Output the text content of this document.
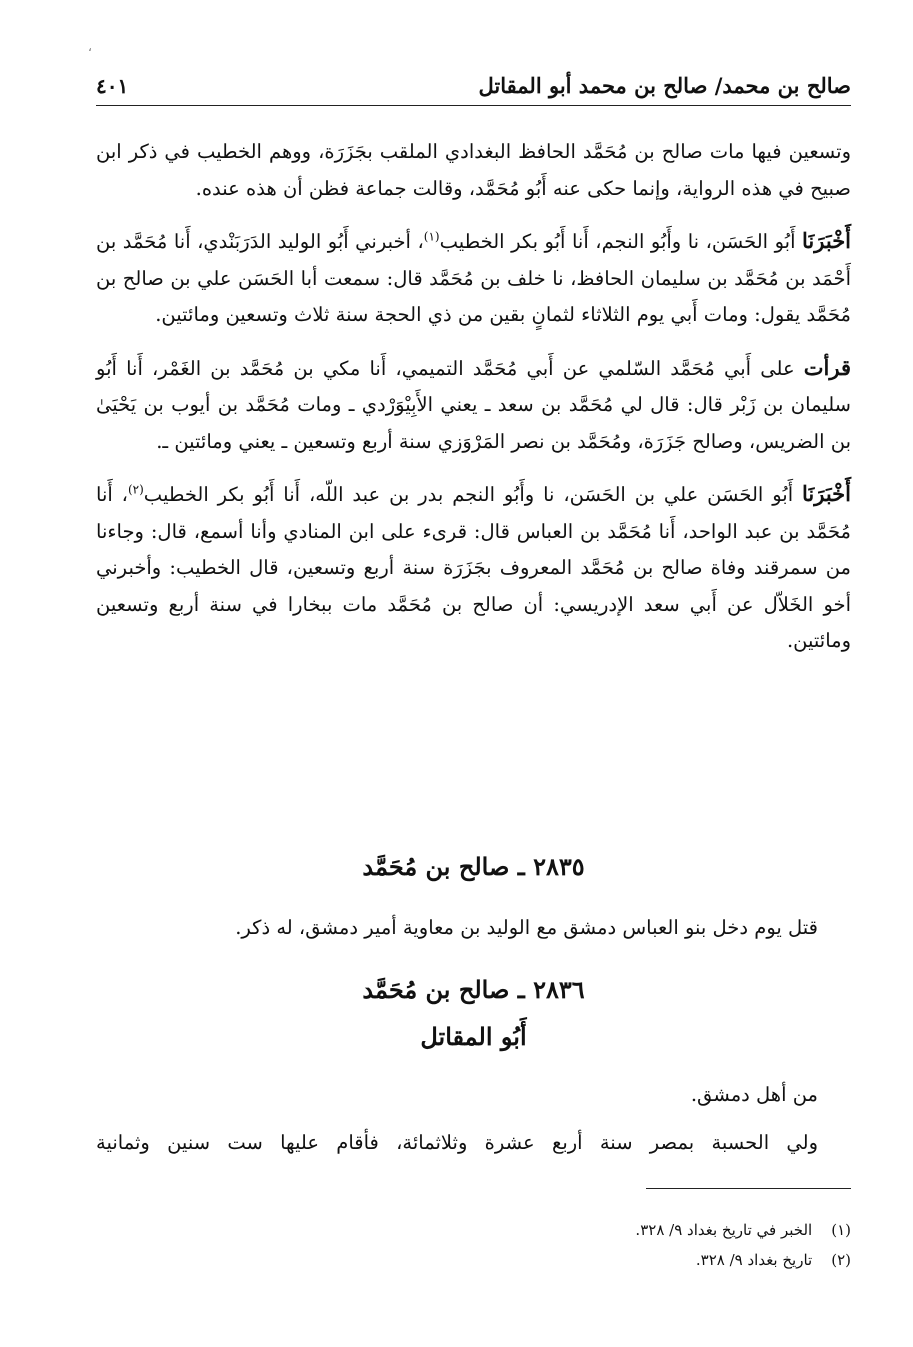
،
صالح بن محمد/ صالح بن محمد أبو المقاتل
٤٠١

وتسعين فيها مات صالح بن مُحَمَّد الحافظ البغدادي الملقب بجَزَرَة، ووهم الخطيب في ذكر ابن صبيح في هذه الرواية، وإنما حكى عنه أَبُو مُحَمَّد، وقالت جماعة فظن أن هذه عنده.

أَخْبَرَنَا أَبُو الحَسَن، نا وأَبُو النجم، أَنا أَبُو بكر الخطيب$^{(١)}$، أخبرني أَبُو الوليد الدَرَبَنْدي، أَنا مُحَمَّد بن أَحْمَد بن مُحَمَّد بن سليمان الحافظ، نا خلف بن مُحَمَّد قال: سمعت أبا الحَسَن علي بن صالح بن مُحَمَّد يقول: ومات أَبي يوم الثلاثاء لثمانٍ بقين من ذي الحجة سنة ثلاث وتسعين ومائتين.

قرأت على أَبي مُحَمَّد السّلمي عن أَبي مُحَمَّد التميمي، أَنا مكي بن مُحَمَّد بن الغَمْر، أَنا أَبُو سليمان بن زَبْر قال: قال لي مُحَمَّد بن سعد ـ يعني الأَبِيْوَرْدي ـ ومات مُحَمَّد بن أيوب بن يَحْيَىٰ بن الضريس، وصالح جَزَرَة، ومُحَمَّد بن نصر المَرْوَزي سنة أربع وتسعين ـ يعني ومائتين ـ.

أَخْبَرَنَا أَبُو الحَسَن علي بن الحَسَن، نا وأَبُو النجم بدر بن عبد اللّه، أَنا أَبُو بكر الخطيب$^{(٢)}$، أَنا مُحَمَّد بن عبد الواحد، أَنا مُحَمَّد بن العباس قال: قرىء على ابن المنادي وأنا أسمع، قال: وجاءنا من سمرقند وفاة صالح بن مُحَمَّد المعروف بجَزَرَة سنة أربع وتسعين، قال الخطيب: وأخبرني أخو الخَلاّل عن أَبي سعد الإدريسي: أن صالح بن مُحَمَّد مات ببخارا في سنة أربع وتسعين ومائتين.

٢٨٣٥ ـ صالح بن مُحَمَّد

قتل يوم دخل بنو العباس دمشق مع الوليد بن معاوية أمير دمشق، له ذكر.

٢٨٣٦ ـ صالح بن مُحَمَّد
أَبُو المقاتل

من أهل دمشق.

ولي الحسبة بمصر سنة أربع عشرة وثلاثمائة، فأقام عليها ست سنين وثمانية

(١) الخبر في تاريخ بغداد ٩/ ٣٢٨.

(٢) تاريخ بغداد ٩/ ٣٢٨.
